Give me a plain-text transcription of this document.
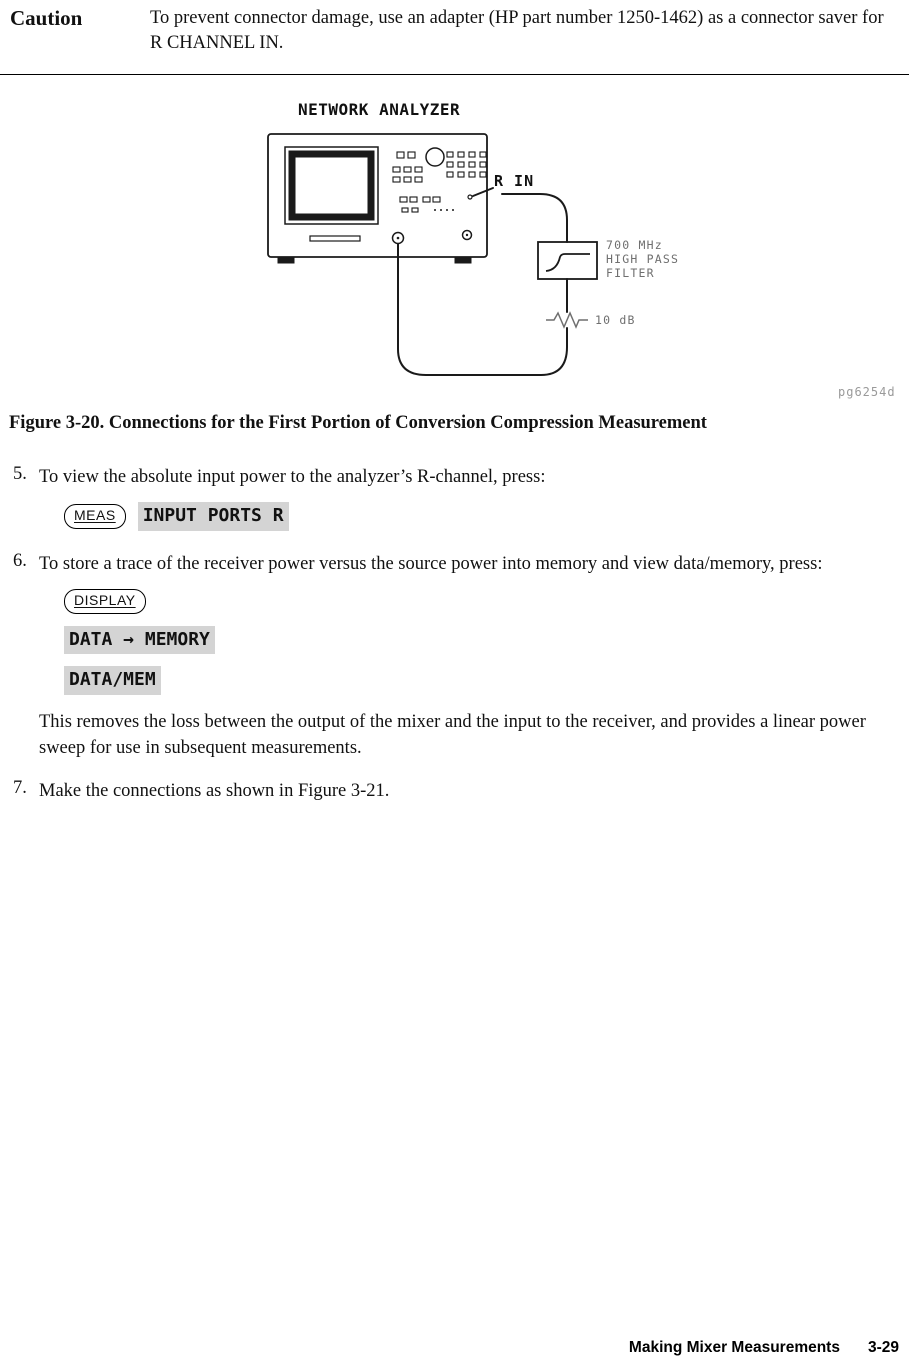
Caution	To prevent connector damage, use an adapter (HP part number 1250-1462) as a connector saver for R CHANNEL IN.
NETWORK ANALYZER
R IN
700 MHz
HIGH PASS
FILTER
10 dB
pg6254d
Figure 3-20. Connections for the First Portion of Conversion Compression Measurement
5. To view the absolute input power to the analyzer’s R-channel, press:
MEAS	INPUT PORTS R
6. To store a trace of the receiver power versus the source power into memory and view data/memory, press:
DISPLAY
DATA → MEMORY
DATA/MEM
This removes the loss between the output of the mixer and the input to the receiver, and provides a linear power sweep for use in subsequent measurements.
7. Make the connections as shown in Figure 3-21.
Making Mixer Measurements 3-29
